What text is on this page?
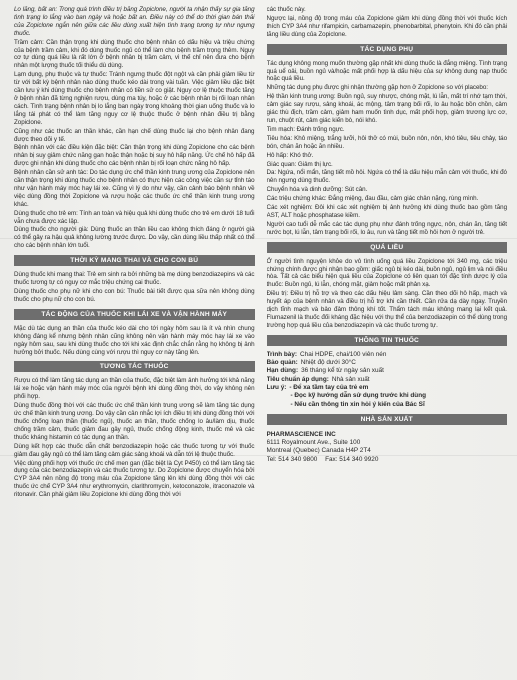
Lo lắng, bất an: Trong quá trình điều trị bằng Zopiclone, người ta nhận thấy sự gia tăng tình trạng lo lắng vào ban ngày và hoặc bất an. Điều này có thể do thời gian bán thải của Zopiclone ngắn nên giữa các liều dùng xuất hiện tình trạng tương tự như ngưng thuốc.

Trầm cảm: Cần thận trọng khi dùng thuốc cho bệnh nhân có dấu hiệu và triệu chứng của bệnh trầm cảm, khi đó dùng thuốc ngủ có thể làm cho bệnh trầm trọng thêm. Nguy cơ tự dùng quá liều là rất lớn ở bệnh nhân bị trầm cảm, vì thế chỉ nên đưa cho bệnh nhân một lượng thuốc tối thiểu dù dùng.

Lạm dụng, phụ thuộc và tự thuốc: Tránh ngưng thuốc đột ngột và cần phải giảm liều từ từ với bất kỳ bệnh nhân nào dùng thuốc kéo dài trong vài tuần. Việc giảm liều dặc biệt cần lưu ý khi dùng thuốc cho bệnh nhân có tiền sử co giật. Nguy cơ lệ thuộc thuốc tăng ở bệnh nhân đã từng nghiện rượu, dùng ma túy, hoặc ở các bệnh nhân bị rối loạn nhân cách. Tình trạng bệnh nhân bị lo lắng ban ngày trong khoảng thời gian uống thuốc và lo lắng tái phát có thể làm tăng nguy cơ lệ thuộc thuốc ở bệnh nhân điều trị bằng Zopiclone.

Cũng như các thuốc an thần khác, cần hạn chế dùng thuốc lại cho bệnh nhân đang được theo dõi y tế.

Bệnh nhân với các điều kiện đặc biệt: Cần thận trọng khi dùng Zopiclone cho các bệnh nhân bị suy giảm chức năng gan hoặc thận hoặc bị suy hô hấp năng. Ức chế hô hấp đã được ghi nhận khi dùng thuốc cho các bệnh nhân bị rối loạn chức năng hô hấp.

Bệnh nhân cần sử anh tác: Do tác dụng ức chế thần kinh trung ương của Zopiclone nên cần thận trọng khi dùng thuốc cho bệnh nhân có thực hiện các công việc cần sự tỉnh táo như vận hành máy móc hay lái xe. Cũng vì lý do như vậy, cần cảnh báo bệnh nhân về việc dùng đồng thời Zopiclone và rượu hoặc các thuốc ức chế thần kinh trung ương khác.

Dùng thuốc cho trẻ em: Tính an toàn và hiệu quả khi dùng thuốc cho trẻ em dưới 18 tuổi vẫn chưa được xác lập.

Dùng thuốc cho người già: Dùng thuốc an thần liều cao không thích đáng ở người già có thể gây ra hậu quả không lường trước được. Do vậy, cần dùng liều thấp nhất có thể cho các bệnh nhân lớn tuổi.

THỜI KỲ MANG THAI VÀ CHO CON BÚ

Dùng thuốc khi mang thai: Trẻ em sinh ra bởi những bà mẹ dùng benzodiazepins và các thuốc tương tự có nguy cơ mắc triệu chứng cai thuốc.

Dùng thuốc cho phụ nữ khi cho con bú: Thuốc bài tiết được qua sữa nên không dùng thuốc cho phụ nữ cho con bú.

TÁC ĐỘNG CỦA THUỐC KHI LÁI XE VÀ VẬN HÀNH MÁY

Mặc dù tác dụng an thần của thuốc kéo dài cho tới ngày hôm sau là ít và nhìn chung không đáng kể nhưng bệnh nhân cũng không nên vận hành máy móc hay lái xe vào ngày hôm sau, sau khi dùng thuốc cho tới khi xác định chắc chắn rằng họ không bị ảnh hưởng bởi thuốc. Nếu dùng cùng với rượu thì nguy cơ này tăng lên.

TƯƠNG TÁC THUỐC

Rượu có thể làm tăng tác dụng an thần của thuốc, đặc biệt làm ảnh hưởng tới khả năng lái xe hoặc vận hành máy móc của người bệnh khi dùng đồng thời, do vậy không nên phối hợp.

Dùng thuốc đồng thời với các thuốc ức chế thần kinh trung ương sẽ làm tăng tác dụng ức chế thần kinh trung ương. Do vậy cần cân nhắc lợi ích điều trị khi dùng đồng thời với thuốc chống loạn thần (thuốc ngủ), thuốc an thần, thuốc chống lo âu/làm dịu, thuốc chống trầm cảm, thuốc giảm đau gây ngủ, thuốc chống động kinh, thuốc mê và các thuốc kháng histamin có tác dụng an thần.

Dùng kết hợp các thuốc dẫn chất benzodiazepin hoặc các thuốc tương tự với thuốc giảm đau gây ngủ có thể làm tăng cảm giác sảng khoái và dẫn tới lệ thuộc thuốc.

Việc dùng phối hợp với thuốc ức chế men gan (đặc biệt là Cyt P450) có thể làm tăng tác dụng của các benzodiazepin và các thuốc tương tự. Do Zopiclone được chuyển hóa bởi CYP 3A4 nên nồng độ trong máu của Zopiclone tăng lên khi dùng đồng thời với các thuốc ức chế CYP 3A4 như erythromycin, clarithromycin, ketoconazole, itraconazole và ritonavir. Cần phải giảm liều Zopiclone khi dùng đồng thời với

các thuốc này.

Ngược lại, nồng độ trong máu của Zopiclone giảm khi dùng đồng thời với thuốc kích thích CYP 3A4 như rifampicin, carbamazepin, phenobarbital, phenytoin. Khi đó cần phải tăng liều dùng của Zopiclone.

TÁC DỤNG PHỤ

Tác dụng không mong muốn thường gặp nhất khi dùng thuốc là đắng miệng. Tình trạng quá uể oải, buồn ngủ và/hoặc mất phối hợp là dấu hiệu của sự không dung nạp thuốc hoặc quá liều.

Những tác dụng phụ được ghi nhận thường gặp hơn ở Zopiclone so với placebo:

Hệ thần kinh trung ương: Buồn ngủ, suy nhược, chóng mặt, lú lẫn, mất trí nhớ tạm thời, cảm giác say rượu, sảng khoái, ác mộng, tâm trạng bối rối, lo âu hoặc bồn chồn, cảm giác thù địch, trầm cảm, giảm ham muốn tình dục, mất phối hợp, giảm trương lực cơ, run, chuột rút, cảm giác kiến bò, nói khó.

Tim mạch: Đánh trống ngực.

Tiêu hóa: Khô miệng, trắng lưỡi, hôi thở có mùi, buồn nôn, nôn, khó tiêu, tiêu chảy, táo bón, chán ăn hoặc ăn nhiều.

Hô hấp: Khó thở.

Giác quan: Giảm thị lực.

Da: Ngứa, nổi mẩn, tăng tiết mồ hôi. Ngứa có thể là dấu hiệu mẫn cảm với thuốc, khi đó nên ngưng dùng thuốc.

Chuyển hóa và dinh dưỡng: Sút cân.

Các triệu chứng khác: Đắng miệng, đau đầu, cảm giác chân nặng, rùng mình.

Các xét nghiệm: Đôi khi các xét nghiệm bị ảnh hưởng khi dùng thuốc bao gồm tăng AST, ALT hoặc phosphatase kiềm.

Người cao tuổi dễ mắc các tác dụng phụ như đánh trống ngực, nôn, chán ăn, tăng tiết nước bọt, lú lẫn, tâm trạng bối rối, lo âu, run và tăng tiết mồ hôi hơn ở người trẻ.

QUÁ LIỀU

Ở người tình nguyện khỏe do vô tình uống quá liều Zopiclone tới 340 mg, các triệu chứng chính được ghi nhận bao gồm: giấc ngủ bị kéo dài, buồn ngủ, ngủ lịm và nói điều hòa. Tất cả các biểu hiện quá liều của Zopiclone có liên quan tới đặc tính dược lý của thuốc: Buồn ngủ, lú lẫn, chóng mặt, giảm hoặc mất phản xạ.

Điều trị: Điều trị hỗ trợ và theo các dấu hiệu lâm sàng. Cần theo dõi hô hấp, mạch và huyết áp của bệnh nhân và điều trị hỗ trợ khi cần thiết. Cần rửa dạ dày ngay. Truyền dịch tĩnh mạch và bảo đảm thông khí tốt. Thẩm tách máu không mang lại kết quả. Flumazenil là thuốc đối kháng đặc hiệu với thụ thể của benzodiazepin có thể dùng trong trường hợp quá liều của benzodiazepin và các thuốc tương tự.

THÔNG TIN THUỐC
Trình bày: Chai HDPE, chai/100 viên nén
Bảo quản: Nhiệt độ dưới 30°C
Hạn dùng: 36 tháng kể từ ngày sản xuất
Tiêu chuẩn áp dụng: Nhà sản xuất
Lưu ý: - Để xa tầm tay của trẻ em
- Đọc kỹ hướng dẫn sử dụng trước khi dùng
- Nếu cần thông tin xin hỏi ý kiến của Bác Sĩ
NHÀ SẢN XUẤT
PHARMASCIENCE INC
6111 Royalmount Ave., Suite 100
Montreal (Quebec) Canada H4P 2T4
Tel: 514 340 9800 Fax: 514 340 9920
